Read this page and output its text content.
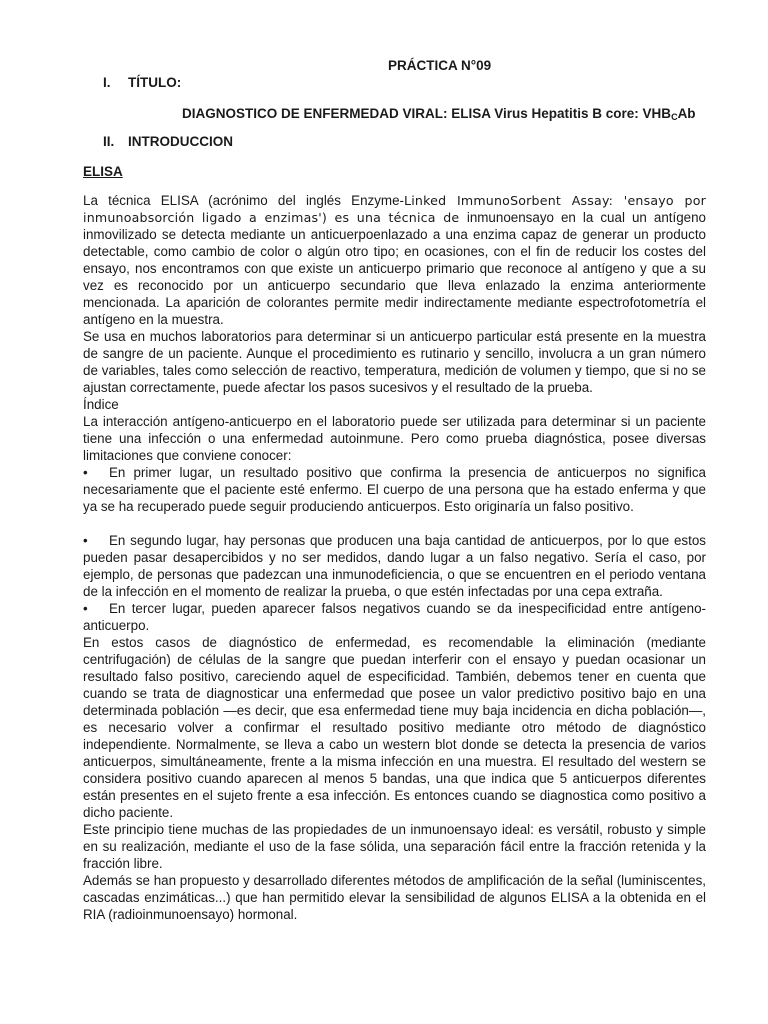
PRÁCTICA N°09
I. TÍTULO:
DIAGNOSTICO DE ENFERMEDAD VIRAL: ELISA Virus Hepatitis B core: $VHB_CAb$
II. INTRODUCCION
ELISA

La técnica ELISA (acrónimo del inglés Enzyme-Linked ImmunoSorbent Assay: 'ensayo por inmunoabsorción ligado a enzimas') es una técnica de inmunoensayo en la cual un antígeno inmovilizado se detecta mediante un anticuerpoenlazado a una enzima capaz de generar un producto detectable, como cambio de color o algún otro tipo; en ocasiones, con el fin de reducir los costes del ensayo, nos encontramos con que existe un anticuerpo primario que reconoce al antígeno y que a su vez es reconocido por un anticuerpo secundario que lleva enlazado la enzima anteriormente mencionada. La aparición de colorantes permite medir indirectamente mediante espectrofotometría el antígeno en la muestra.

Se usa en muchos laboratorios para determinar si un anticuerpo particular está presente en la muestra de sangre de un paciente. Aunque el procedimiento es rutinario y sencillo, involucra a un gran número de variables, tales como selección de reactivo, temperatura, medición de volumen y tiempo, que si no se ajustan correctamente, puede afectar los pasos sucesivos y el resultado de la prueba.

Índice

La interacción antígeno-anticuerpo en el laboratorio puede ser utilizada para determinar si un paciente tiene una infección o una enfermedad autoinmune. Pero como prueba diagnóstica, posee diversas limitaciones que conviene conocer:

• En primer lugar, un resultado positivo que confirma la presencia de anticuerpos no significa necesariamente que el paciente esté enfermo. El cuerpo de una persona que ha estado enferma y que ya se ha recuperado puede seguir produciendo anticuerpos. Esto originaría un falso positivo.

• En segundo lugar, hay personas que producen una baja cantidad de anticuerpos, por lo que estos pueden pasar desapercibidos y no ser medidos, dando lugar a un falso negativo. Sería el caso, por ejemplo, de personas que padezcan una inmunodeficiencia, o que se encuentren en el periodo ventana de la infección en el momento de realizar la prueba, o que estén infectadas por una cepa extraña.

• En tercer lugar, pueden aparecer falsos negativos cuando se da inespecificidad entre antígeno-anticuerpo.

En estos casos de diagnóstico de enfermedad, es recomendable la eliminación (mediante centrifugación) de células de la sangre que puedan interferir con el ensayo y puedan ocasionar un resultado falso positivo, careciendo aquel de especificidad. También, debemos tener en cuenta que cuando se trata de diagnosticar una enfermedad que posee un valor predictivo positivo bajo en una determinada población —es decir, que esa enfermedad tiene muy baja incidencia en dicha población—, es necesario volver a confirmar el resultado positivo mediante otro método de diagnóstico independiente. Normalmente, se lleva a cabo un western blot donde se detecta la presencia de varios anticuerpos, simultáneamente, frente a la misma infección en una muestra. El resultado del western se considera positivo cuando aparecen al menos 5 bandas, una que indica que 5 anticuerpos diferentes están presentes en el sujeto frente a esa infección. Es entonces cuando se diagnostica como positivo a dicho paciente.

Este principio tiene muchas de las propiedades de un inmunoensayo ideal: es versátil, robusto y simple en su realización, mediante el uso de la fase sólida, una separación fácil entre la fracción retenida y la fracción libre.

Además se han propuesto y desarrollado diferentes métodos de amplificación de la señal (luminiscentes, cascadas enzimáticas...) que han permitido elevar la sensibilidad de algunos ELISA a la obtenida en el RIA (radioinmunoensayo) hormonal.
